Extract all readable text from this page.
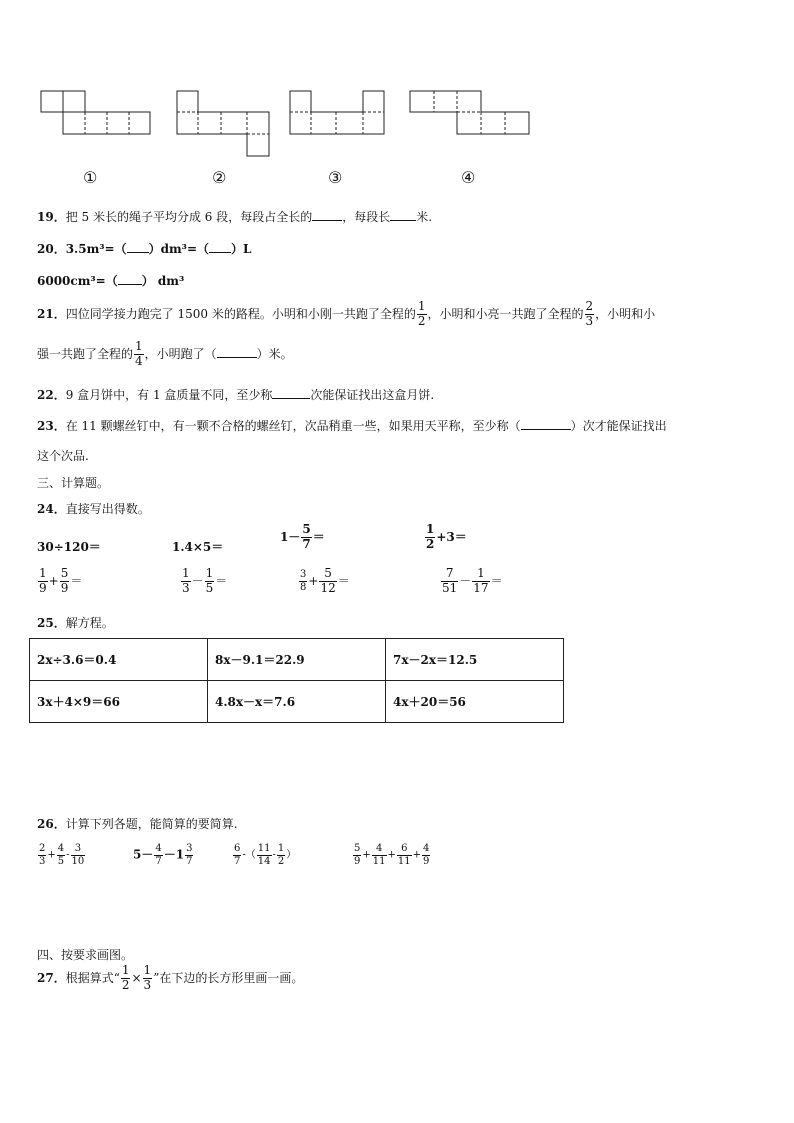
①	②	③	④
19．把 5 米长的绳子平均分成 6 段，每段占全长的	，每段长 米.
20．3.5m³=（ ）dm³=（ ）L
6000cm³=（ ） dm³
21．四位同学接力跑完了 1500 米的路程。小明和小刚一共跑了全程的 $\frac{1}{2}$ ，小明和小亮一共跑了全程的 $\frac{2}{3}$ ，小明和小
强一共跑了全程的 $\frac{1}{4}$ ，小明跑了（	）米。
22．9 盒月饼中，有 1 盒质量不同，至少称	次能保证找出这盒月饼.
23．在 11 颗螺丝钉中，有一颗不合格的螺丝钉，次品稍重一些，如果用天平称，至少称（	）次才能保证找出
这个次品.
三、计算题。
24．直接写出得数。
30÷120＝	1.4×5＝
$1- \frac{5}{7}$ ＝	$\frac{1}{2} +3=$
$\frac{1}{9} + \frac{5}{9}$ ＝	$\frac{1}{3} - \frac{1}{5}$ ＝	$\frac{3}{8} + \frac{5}{12}$ ＝	$\frac{7}{51} - \frac{1}{17}$ ＝
25．解方程。
2x÷3.6＝0.4	8x－9.1＝22.9	7x－2x＝12.5
3x＋4×9＝66	4.8x－x＝7.6	4x＋20＝56
26．计算下列各题，能简算的要简算.
$\frac{2}{3} + \frac{4}{5} - \frac{3}{10}$	$5- \frac{4}{7} -1 \frac{3}{7}$	$\frac{6}{7}$ -（ $\frac{11}{14} - \frac{1}{2}$ ）	$\frac{5}{9} + \frac{4}{11} + \frac{6}{11} + \frac{4}{9}$
四、按要求画图。
27．根据算式“ $\frac{1}{2} \times \frac{1}{3}$ ”在下边的长方形里画一画。
